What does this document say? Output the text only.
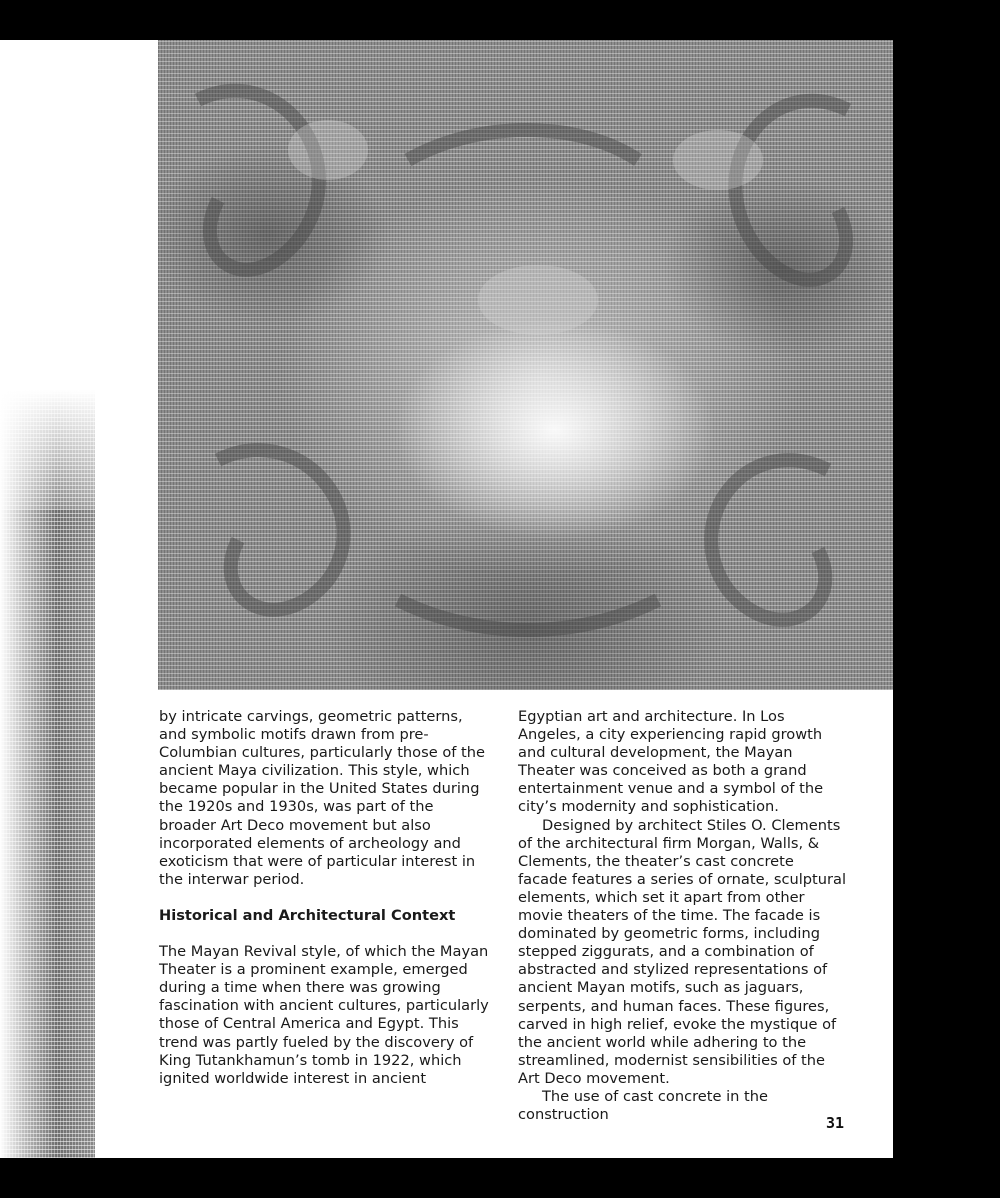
by intricate carvings, geometric patterns, and symbolic motifs drawn from pre-Columbian cultures, particularly those of the ancient Maya civilization. This style, which became popular in the United States during the 1920s and 1930s, was part of the broader Art Deco movement but also incorporated elements of archeology and exoticism that were of particular interest in the interwar period.

Historical and Architectural Context

The Mayan Revival style, of which the Mayan Theater is a prominent example, emerged during a time when there was growing fascination with ancient cultures, particularly those of Central America and Egypt. This trend was partly fueled by the discovery of King Tutankhamun’s tomb in 1922, which ignited worldwide interest in ancient

Egyptian art and architecture. In Los Angeles, a city experiencing rapid growth and cultural development, the Mayan Theater was conceived as both a grand entertainment venue and a symbol of the city’s modernity and sophistication.

Designed by architect Stiles O. Clements of the architectural firm Morgan, Walls, & Clements, the theater’s cast concrete facade features a series of ornate, sculptural elements, which set it apart from other movie theaters of the time. The facade is dominated by geometric forms, including stepped ziggurats, and a combination of abstracted and stylized representations of ancient Mayan motifs, such as jaguars, serpents, and human faces. These figures, carved in high relief, evoke the mystique of the ancient world while adhering to the streamlined, modernist sensibilities of the Art Deco movement.

The use of cast concrete in the construction	31
